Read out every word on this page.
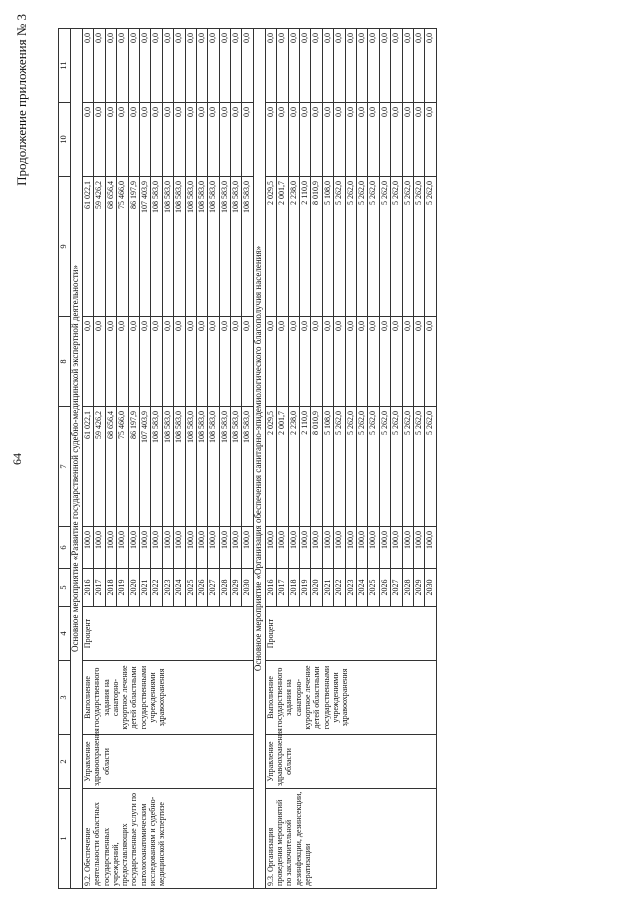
64
Продолжение приложения № 3
1	2	3	4	5	6	7	8	9	10	11
Основное мероприятие «Развитие государственной судебно-медицинской экспертной деятельности»										
9.2. Обеспечение деятельности областных государственных учреждений, предоставляющих государственные услуги по патологоанатомическим исследованиям и судебно-медицинской экспертизе	Управление здравоохранения области	Выполнение государственного задания на санаторно-курортное лечение детей областными государственными учреждениями здравоохранения	Процент	2016	100,0	61 022,1	0,0	61 022,1	0,0	0,0
				2017	100,0	59 426,2	0,0	59 426,2	0,0	0,0
				2018	100,0	68 656,4	0,0	68 656,4	0,0	0,0
				2019	100,0	75 466,0	0,0	75 466,0	0,0	0,0
				2020	100,0	86 197,9	0,0	86 197,9	0,0	0,0
				2021	100,0	107 403,9	0,0	107 403,9	0,0	0,0
				2022	100,0	108 583,0	0,0	108 583,0	0,0	0,0
				2023	100,0	108 583,0	0,0	108 583,0	0,0	0,0
				2024	100,0	108 583,0	0,0	108 583,0	0,0	0,0
				2025	100,0	108 583,0	0,0	108 583,0	0,0	0,0
				2026	100,0	108 583,0	0,0	108 583,0	0,0	0,0
				2027	100,0	108 583,0	0,0	108 583,0	0,0	0,0
				2028	100,0	108 583,0	0,0	108 583,0	0,0	0,0
				2029	100,0	108 583,0	0,0	108 583,0	0,0	0,0
				2030	100,0	108 583,0	0,0	108 583,0	0,0	0,0
Основное мероприятие «Организация обеспечения санитарно-эпидемиологического благополучия населения»										
9.3. Организация проведения мероприятий по заключительной дезинфекции, дезинсекции, дератизации	Управление здравоохранения области	Выполнение государственного задания на санаторно-курортное лечение детей областными государственными учреждениями здравоохранения	Процент	2016	100,0	2 029,5	0,0	2 029,5	0,0	0,0
				2017	100,0	2 001,7	0,0	2 001,7	0,0	0,0
				2018	100,0	2 238,0	0,0	2 238,0	0,0	0,0
				2019	100,0	2 110,0	0,0	2 110,0	0,0	0,0
				2020	100,0	8 010,9	0,0	8 010,9	0,0	0,0
				2021	100,0	5 108,0	0,0	5 108,0	0,0	0,0
				2022	100,0	5 262,0	0,0	5 262,0	0,0	0,0
				2023	100,0	5 262,0	0,0	5 262,0	0,0	0,0
				2024	100,0	5 262,0	0,0	5 262,0	0,0	0,0
				2025	100,0	5 262,0	0,0	5 262,0	0,0	0,0
				2026	100,0	5 262,0	0,0	5 262,0	0,0	0,0
				2027	100,0	5 262,0	0,0	5 262,0	0,0	0,0
				2028	100,0	5 262,0	0,0	5 262,0	0,0	0,0
				2029	100,0	5 262,0	0,0	5 262,0	0,0	0,0
				2030	100,0	5 262,0	0,0	5 262,0	0,0	0,0
